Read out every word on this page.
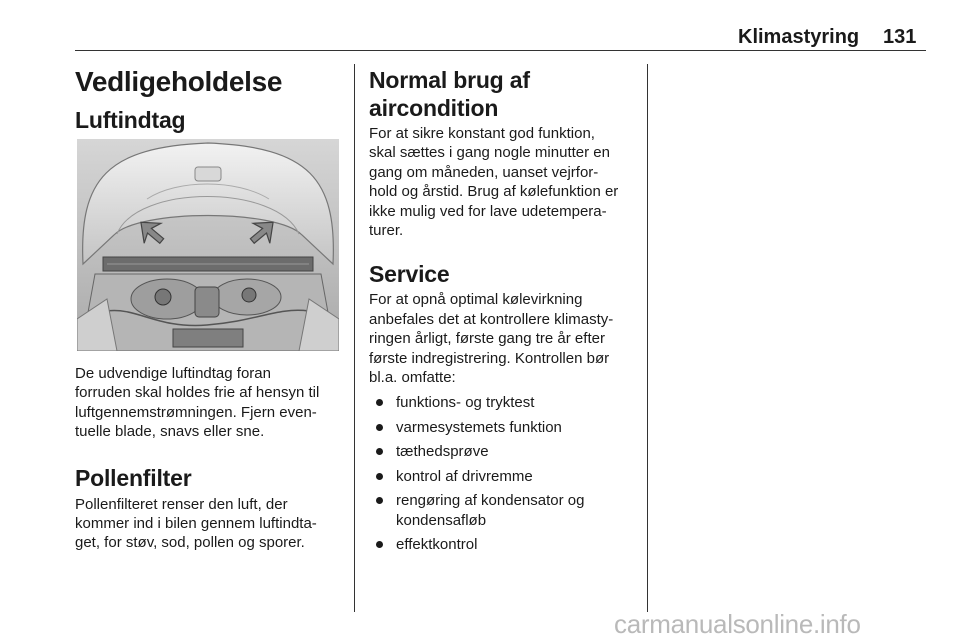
Klimastyring 131
Vedligeholdelse
Luftindtag

De udvendige luftindtag foran
forruden skal holdes frie af hensyn til
luftgennemstrømningen. Fjern even-
tuelle blade, snavs eller sne.

Pollenfilter

Pollenfilteret renser den luft, der
kommer ind i bilen gennem luftindta-
get, for støv, sod, pollen og sporer.

Normal brug af aircondition

For at sikre konstant god funktion,
skal sættes i gang nogle minutter en
gang om måneden, uanset vejrfor-
hold og årstid. Brug af kølefunktion er
ikke mulig ved for lave udetempera-
turer.

Service

For at opnå optimal kølevirkning
anbefales det at kontrollere klimasty-
ringen årligt, første gang tre år efter
første indregistrering. Kontrollen bør
bl.a. omfatte:

funktions- og tryktest
varmesystemets funktion
tæthedsprøve
kontrol af drivremme
rengøring af kondensator og
kondensafløb
effektkontrol
carmanualsonline.info
